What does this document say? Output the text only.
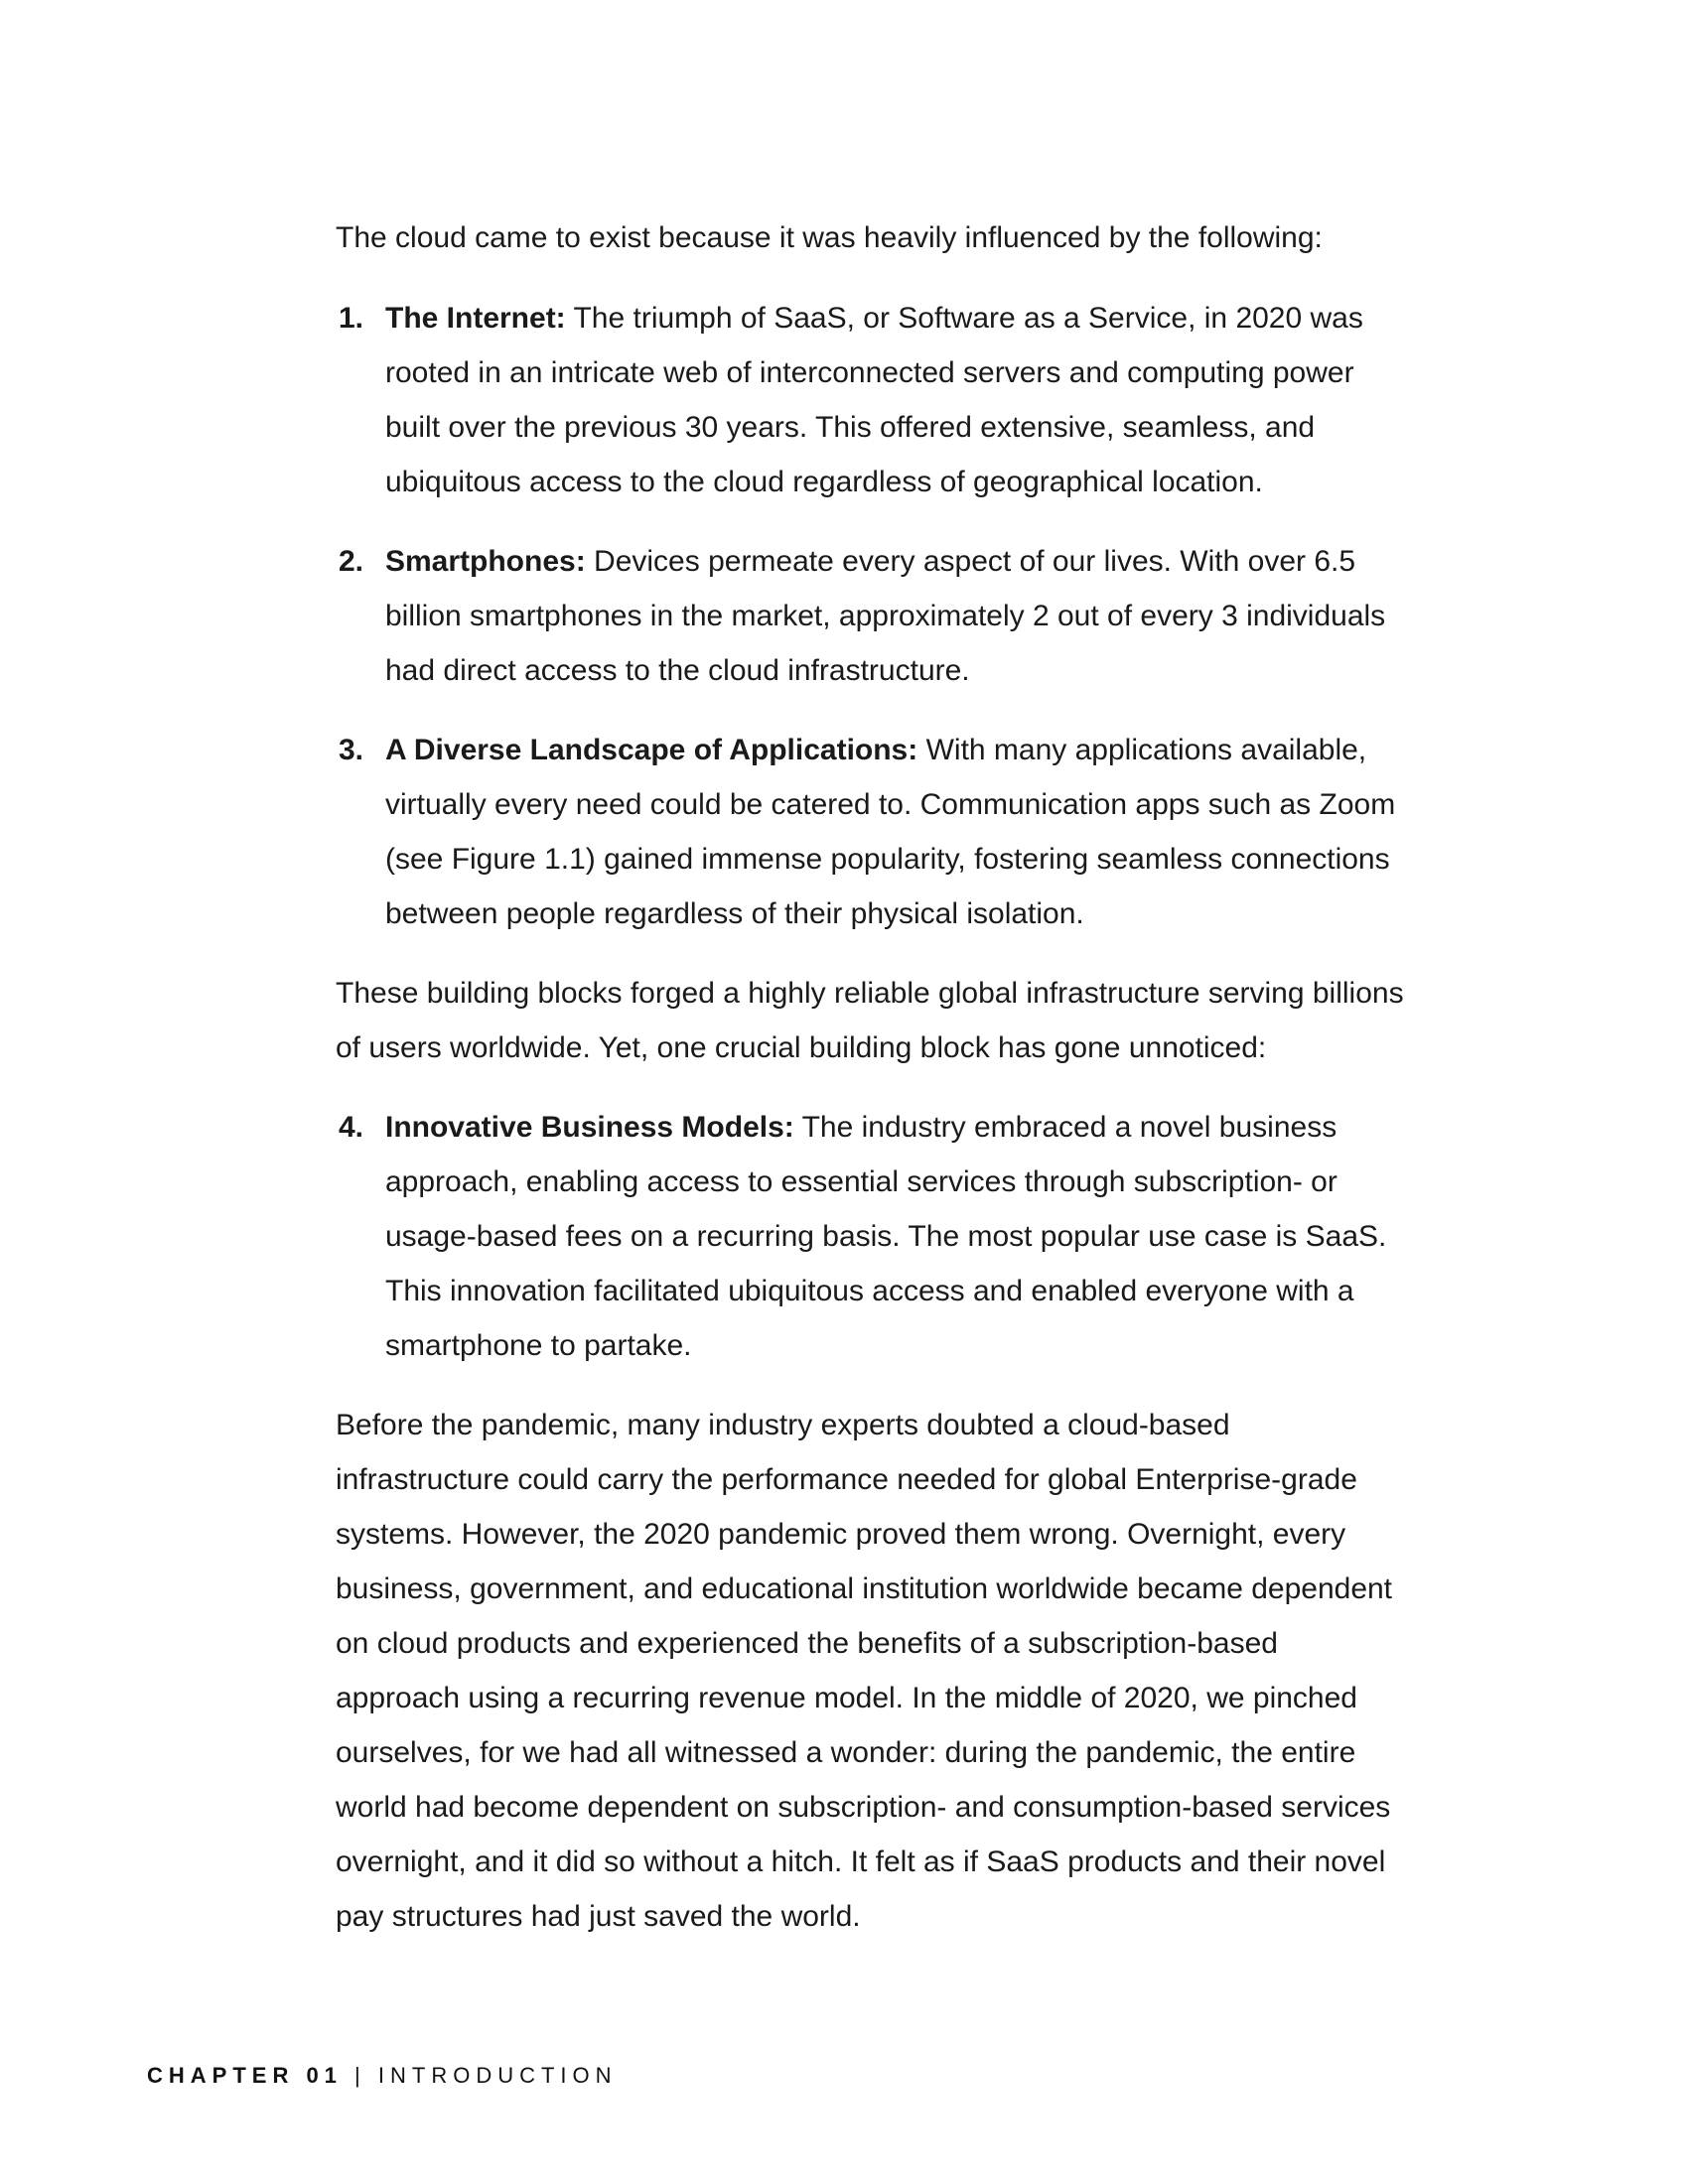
The cloud came to exist because it was heavily influenced by the following:

1. The Internet: The triumph of SaaS, or Software as a Service, in 2020 was rooted in an intricate web of interconnected servers and computing power built over the previous 30 years. This offered extensive, seamless, and ubiquitous access to the cloud regardless of geographical location.
2. Smartphones: Devices permeate every aspect of our lives. With over 6.5 billion smartphones in the market, approximately 2 out of every 3 individuals had direct access to the cloud infrastructure.
3. A Diverse Landscape of Applications: With many applications available, virtually every need could be catered to. Communication apps such as Zoom (see Figure 1.1) gained immense popularity, fostering seamless connections between people regardless of their physical isolation.

These building blocks forged a highly reliable global infrastructure serving billions of users worldwide. Yet, one crucial building block has gone unnoticed:

4. Innovative Business Models: The industry embraced a novel business approach, enabling access to essential services through subscription- or usage-based fees on a recurring basis. The most popular use case is SaaS. This innovation facilitated ubiquitous access and enabled everyone with a smartphone to partake.

Before the pandemic, many industry experts doubted a cloud-based infrastructure could carry the performance needed for global Enterprise-grade systems. However, the 2020 pandemic proved them wrong. Overnight, every business, government, and educational institution worldwide became dependent on cloud products and experienced the benefits of a subscription-based approach using a recurring revenue model. In the middle of 2020, we pinched ourselves, for we had all witnessed a wonder: during the pandemic, the entire world had become dependent on subscription- and consumption-based services overnight, and it did so without a hitch. It felt as if SaaS products and their novel pay structures had just saved the world.

CHAPTER 01 | INTRODUCTION
